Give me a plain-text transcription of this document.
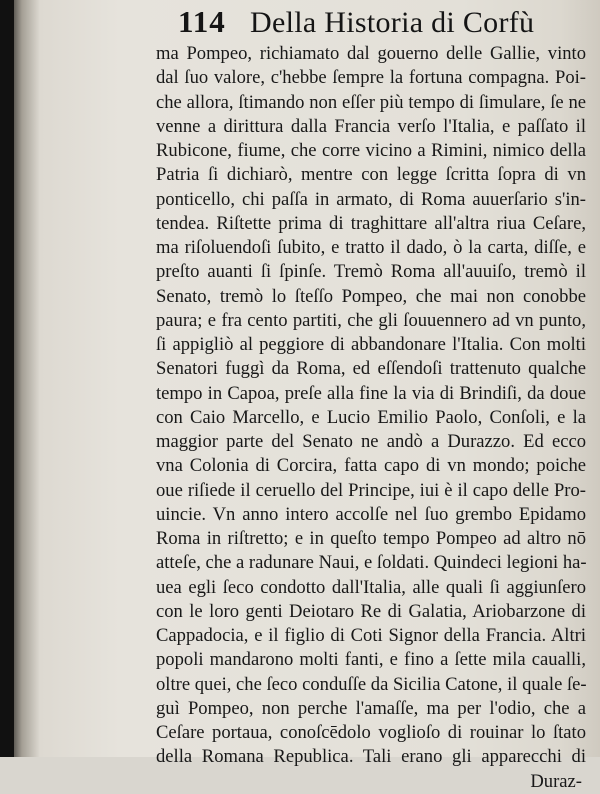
114 Della Historia di Corfù
ma Pompeo, richiamato dal gouerno delle Gallie, vinto
dal ſuo valore, c'hebbe ſempre la fortuna compagna. Poi-
che allora, ſtimando non eſſer più tempo di ſimulare, ſe ne
venne a dirittura dalla Francia verſo l'Italia, e paſſato il
Rubicone, fiume, che corre vicino a Rimini, nimico della
Patria ſi dichiarò, mentre con legge ſcritta ſopra di vn
ponticello, chi paſſa in armato, di Roma auuerſario s'in-
tendea. Riſtette prima di traghittare all'altra riua Ceſare,
ma riſoluendoſi ſubito, e tratto il dado, ò la carta, diſſe, e
preſto auanti ſi ſpinſe. Tremò Roma all'auuiſo, tremò il
Senato, tremò lo ſteſſo Pompeo, che mai non conobbe
paura; e fra cento partiti, che gli ſouuennero ad vn punto,
ſi appigliò al peggiore di abbandonare l'Italia. Con molti
Senatori fuggì da Roma, ed eſſendoſi trattenuto qualche
tempo in Capoa, preſe alla fine la via di Brindiſi, da doue
con Caio Marcello, e Lucio Emilio Paolo, Conſoli, e la
maggior parte del Senato ne andò a Durazzo. Ed ecco
vna Colonia di Corcira, fatta capo di vn mondo; poiche
oue riſiede il ceruello del Principe, iui è il capo delle Pro-
uincie. Vn anno intero accolſe nel ſuo grembo Epidamo
Roma in riſtretto; e in queſto tempo Pompeo ad altro nō
atteſe, che a radunare Naui, e ſoldati. Quindeci legioni ha-
uea egli ſeco condotto dall'Italia, alle quali ſi aggiunſero
con le loro genti Deiotaro Re di Galatia, Ariobarzone di
Cappadocia, e il figlio di Coti Signor della Francia. Altri
popoli mandarono molti fanti, e fino a ſette mila caualli,
oltre quei, che ſeco conduſſe da Sicilia Catone, il quale ſe-
guì Pompeo, non perche l'amaſſe, ma per l'odio, che a
Ceſare portaua, conoſcēdolo voglioſo di rouinar lo ſtato
della Romana Republica. Tali erano gli apparecchi di
Duraz-
